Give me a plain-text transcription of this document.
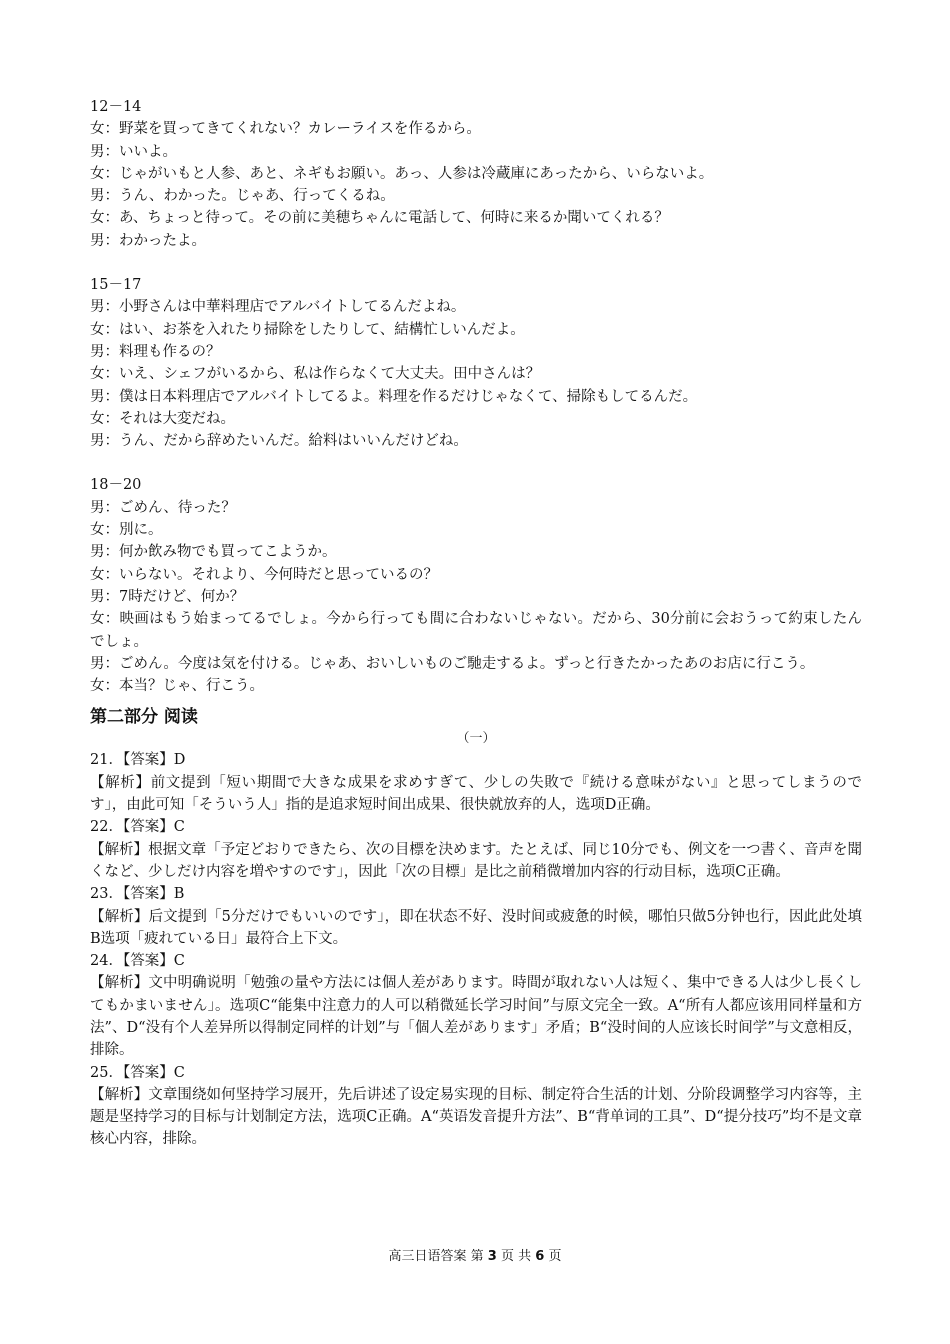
12－14
女：野菜を買ってきてくれない？カレーライスを作るから。
男：いいよ。
女：じゃがいもと人参、あと、ネギもお願い。あっ、人参は冷蔵庫にあったから、いらないよ。
男：うん、わかった。じゃあ、行ってくるね。
女：あ、ちょっと待って。その前に美穂ちゃんに電話して、何時に来るか聞いてくれる？
男：わかったよ。
15－17
男：小野さんは中華料理店でアルバイトしてるんだよね。
女：はい、お茶を入れたり掃除をしたりして、結構忙しいんだよ。
男：料理も作るの？
女：いえ、シェフがいるから、私は作らなくて大丈夫。田中さんは？
男：僕は日本料理店でアルバイトしてるよ。料理を作るだけじゃなくて、掃除もしてるんだ。
女：それは大変だね。
男：うん、だから辞めたいんだ。給料はいいんだけどね。
18－20
男：ごめん、待った？
女：別に。
男：何か飲み物でも買ってこようか。
女：いらない。それより、今何時だと思っているの？
男：7時だけど、何か？
女：映画はもう始まってるでしょ。今から行っても間に合わないじゃない。だから、30分前に会おうって約束したんでしょ。
男：ごめん。今度は気を付ける。じゃあ、おいしいものご馳走するよ。ずっと行きたかったあのお店に行こう。
女：本当？じゃ、行こう。
第二部分 阅读
（一）
21．【答案】D
【解析】前文提到「短い期間で大きな成果を求めすぎて、少しの失敗で『続ける意味がない』と思ってしまうのです」，由此可知「そういう人」指的是追求短时间出成果、很快就放弃的人，选项D正确。
22．【答案】C
【解析】根据文章「予定どおりできたら、次の目標を決めます。たとえば、同じ10分でも、例文を一つ書く、音声を聞くなど、少しだけ内容を増やすのです」，因此「次の目標」是比之前稍微增加内容的行动目标，选项C正确。
23．【答案】B
【解析】后文提到「5分だけでもいいのです」，即在状态不好、没时间或疲惫的时候，哪怕只做5分钟也行，因此此处填B选项「疲れている日」最符合上下文。
24．【答案】C
【解析】文中明确说明「勉強の量や方法には個人差があります。時間が取れない人は短く、集中できる人は少し長くしてもかまいません」。选项C“能集中注意力的人可以稍微延长学习时间”与原文完全一致。A“所有人都应该用同样量和方法”、D“没有个人差异所以得制定同样的计划”与「個人差があります」矛盾；B“没时间的人应该长时间学”与文意相反，排除。
25．【答案】C
【解析】文章围绕如何坚持学习展开，先后讲述了设定易实现的目标、制定符合生活的计划、分阶段调整学习内容等，主题是坚持学习的目标与计划制定方法，选项C正确。A“英语发音提升方法”、B“背单词的工具”、D“提分技巧”均不是文章核心内容，排除。
高三日语答案 第 3 页 共 6 页
